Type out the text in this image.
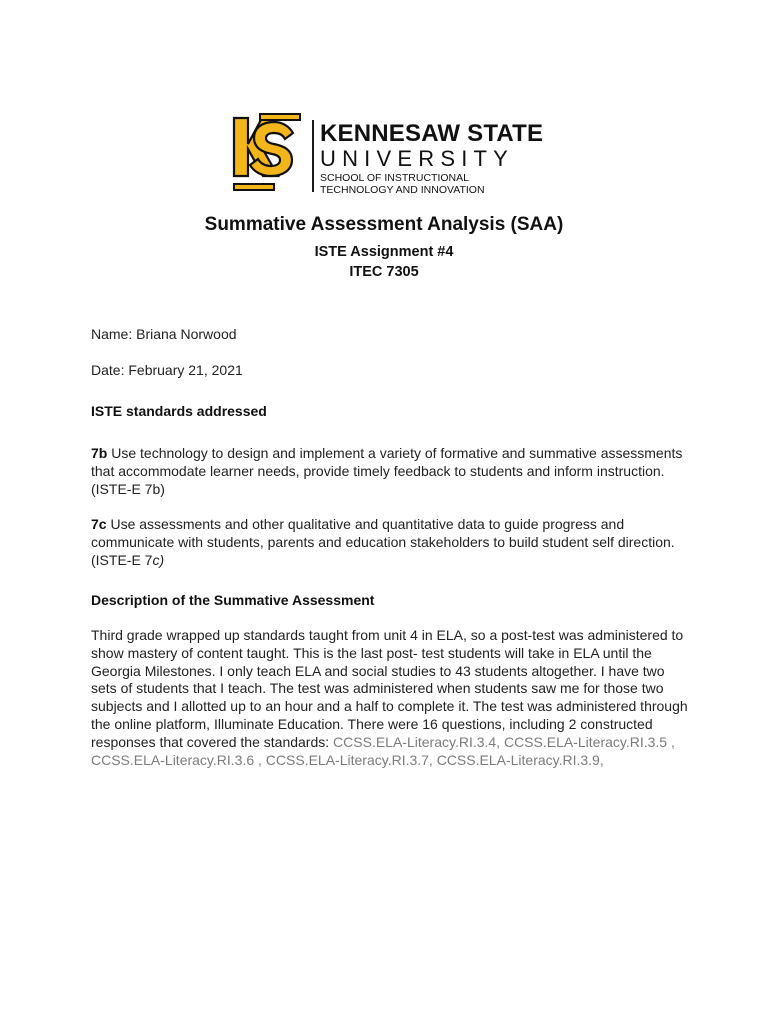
KENNESAW STATE
UNIVERSITY
SCHOOL OF INSTRUCTIONAL
TECHNOLOGY AND INNOVATION
Summative Assessment Analysis (SAA)
ISTE Assignment #4
ITEC 7305
Name: Briana Norwood
Date: February 21, 2021
ISTE standards addressed
7b Use technology to design and implement a variety of formative and summative assessments that accommodate learner needs, provide timely feedback to students and inform instruction. (ISTE-E 7b)
7c Use assessments and other qualitative and quantitative data to guide progress and communicate with students, parents and education stakeholders to build student self direction. (ISTE-E 7c)
Description of the Summative Assessment
Third grade wrapped up standards taught from unit 4 in ELA, so a post-test was administered to show mastery of content taught. This is the last post- test students will take in ELA until the Georgia Milestones. I only teach ELA and social studies to 43 students altogether. I have two sets of students that I teach. The test was administered when students saw me for those two subjects and I allotted up to an hour and a half to complete it. The test was administered through the online platform, Illuminate Education. There were 16 questions, including 2 constructed responses that covered the standards: CCSS.ELA-Literacy.RI.3.4, CCSS.ELA-Literacy.RI.3.5 , CCSS.ELA-Literacy.RI.3.6 , CCSS.ELA-Literacy.RI.3.7, CCSS.ELA-Literacy.RI.3.9,
